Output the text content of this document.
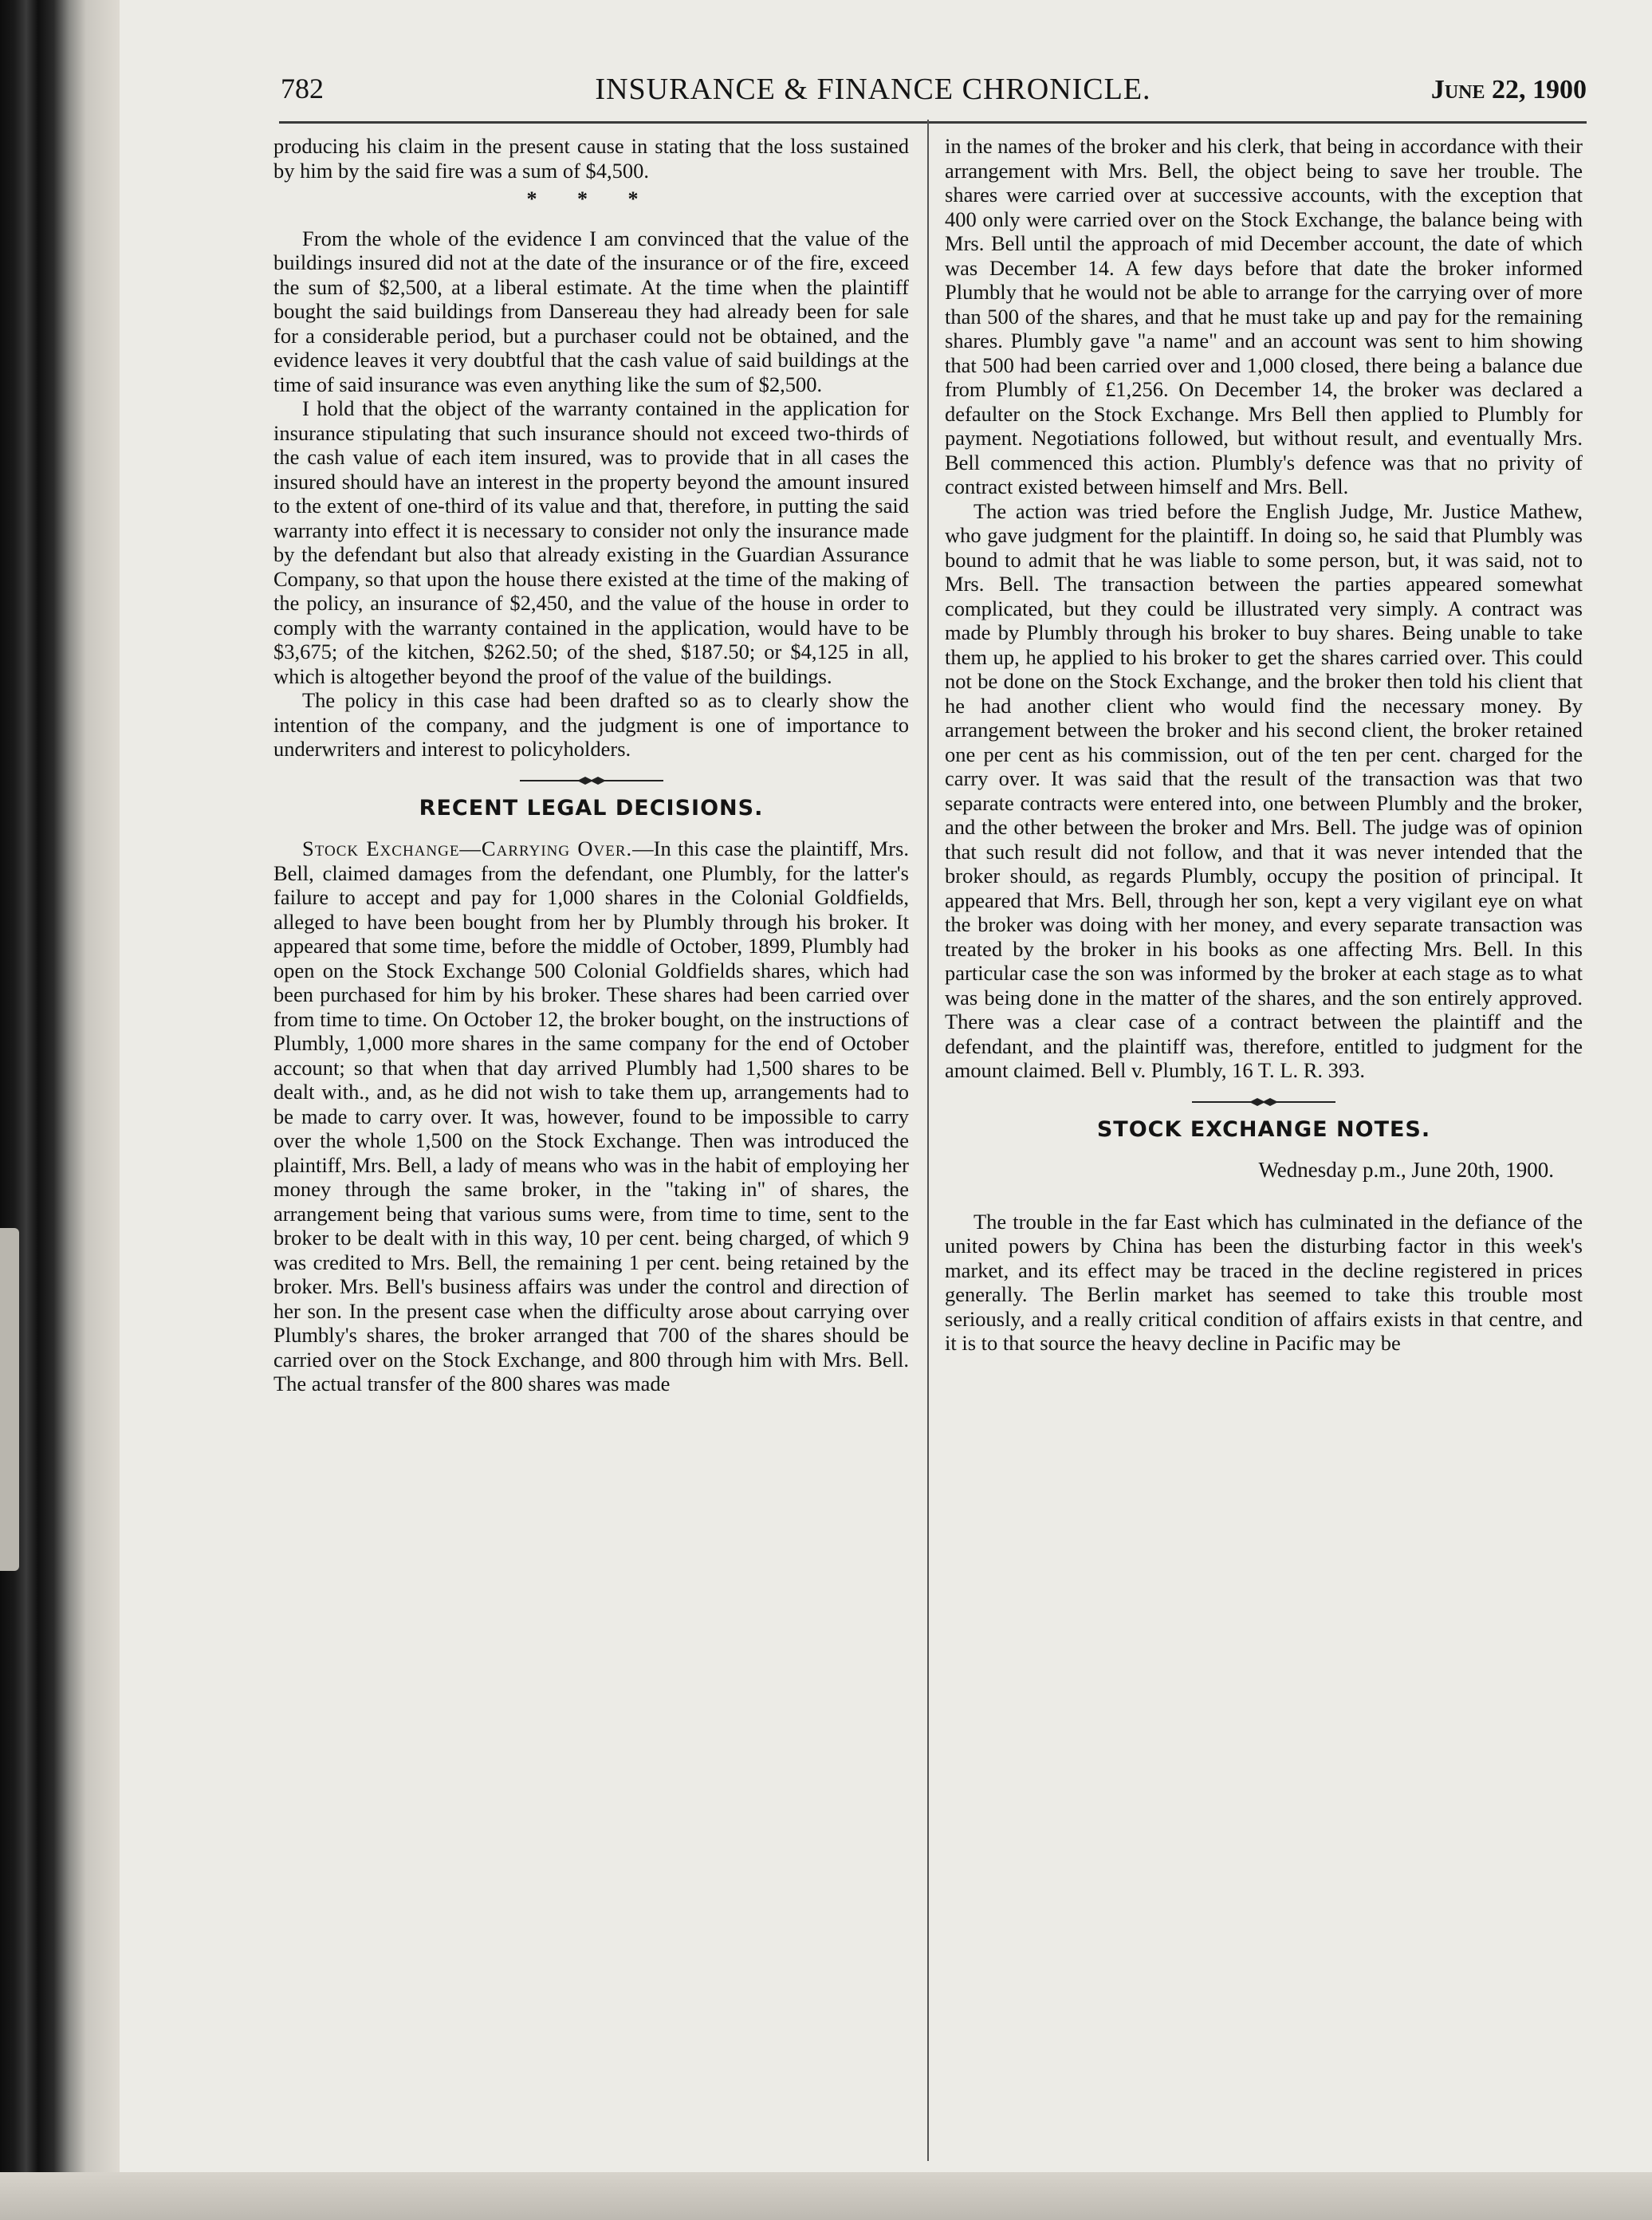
782	INSURANCE & FINANCE CHRONICLE.	June 22, 1900

producing his claim in the present cause in stating that the loss sustained by him by the said fire was a sum of $4,500.

* * *

From the whole of the evidence I am convinced that the value of the buildings insured did not at the date of the insurance or of the fire, exceed the sum of $2,500, at a liberal estimate. At the time when the plaintiff bought the said buildings from Dansereau they had already been for sale for a considerable period, but a purchaser could not be obtained, and the evidence leaves it very doubtful that the cash value of said buildings at the time of said insurance was even anything like the sum of $2,500.

I hold that the object of the warranty contained in the application for insurance stipulating that such insurance should not exceed two-thirds of the cash value of each item insured, was to provide that in all cases the insured should have an interest in the property beyond the amount insured to the extent of one-third of its value and that, therefore, in putting the said warranty into effect it is necessary to consider not only the insurance made by the defendant but also that already existing in the Guardian Assurance Company, so that upon the house there existed at the time of the making of the policy, an insurance of $2,450, and the value of the house in order to comply with the warranty contained in the application, would have to be $3,675; of the kitchen, $262.50; of the shed, $187.50; or $4,125 in all, which is altogether beyond the proof of the value of the buildings.

The policy in this case had been drafted so as to clearly show the intention of the company, and the judgment is one of importance to underwriters and interest to policyholders.

RECENT LEGAL DECISIONS.

Stock Exchange—Carrying Over.—In this case the plaintiff, Mrs. Bell, claimed damages from the defendant, one Plumbly, for the latter's failure to accept and pay for 1,000 shares in the Colonial Goldfields, alleged to have been bought from her by Plumbly through his broker. It appeared that some time, before the middle of October, 1899, Plumbly had open on the Stock Exchange 500 Colonial Goldfields shares, which had been purchased for him by his broker. These shares had been carried over from time to time. On October 12, the broker bought, on the instructions of Plumbly, 1,000 more shares in the same company for the end of October account; so that when that day arrived Plumbly had 1,500 shares to be dealt with., and, as he did not wish to take them up, arrangements had to be made to carry over. It was, however, found to be impossible to carry over the whole 1,500 on the Stock Exchange. Then was introduced the plaintiff, Mrs. Bell, a lady of means who was in the habit of employing her money through the same broker, in the "taking in" of shares, the arrangement being that various sums were, from time to time, sent to the broker to be dealt with in this way, 10 per cent. being charged, of which 9 was credited to Mrs. Bell, the remaining 1 per cent. being retained by the broker. Mrs. Bell's business affairs was under the control and direction of her son. In the present case when the difficulty arose about carrying over Plumbly's shares, the broker arranged that 700 of the shares should be carried over on the Stock Exchange, and 800 through him with Mrs. Bell. The actual transfer of the 800 shares was made

in the names of the broker and his clerk, that being in accordance with their arrangement with Mrs. Bell, the object being to save her trouble. The shares were carried over at successive accounts, with the exception that 400 only were carried over on the Stock Exchange, the balance being with Mrs. Bell until the approach of mid December account, the date of which was December 14. A few days before that date the broker informed Plumbly that he would not be able to arrange for the carrying over of more than 500 of the shares, and that he must take up and pay for the remaining shares. Plumbly gave "a name" and an account was sent to him showing that 500 had been carried over and 1,000 closed, there being a balance due from Plumbly of £1,256. On December 14, the broker was declared a defaulter on the Stock Exchange. Mrs Bell then applied to Plumbly for payment. Negotiations followed, but without result, and eventually Mrs. Bell commenced this action. Plumbly's defence was that no privity of contract existed between himself and Mrs. Bell.

The action was tried before the English Judge, Mr. Justice Mathew, who gave judgment for the plaintiff. In doing so, he said that Plumbly was bound to admit that he was liable to some person, but, it was said, not to Mrs. Bell. The transaction between the parties appeared somewhat complicated, but they could be illustrated very simply. A contract was made by Plumbly through his broker to buy shares. Being unable to take them up, he applied to his broker to get the shares carried over. This could not be done on the Stock Exchange, and the broker then told his client that he had another client who would find the necessary money. By arrangement between the broker and his second client, the broker retained one per cent as his commission, out of the ten per cent. charged for the carry over. It was said that the result of the transaction was that two separate contracts were entered into, one between Plumbly and the broker, and the other between the broker and Mrs. Bell. The judge was of opinion that such result did not follow, and that it was never intended that the broker should, as regards Plumbly, occupy the position of principal. It appeared that Mrs. Bell, through her son, kept a very vigilant eye on what the broker was doing with her money, and every separate transaction was treated by the broker in his books as one affecting Mrs. Bell. In this particular case the son was informed by the broker at each stage as to what was being done in the matter of the shares, and the son entirely approved. There was a clear case of a contract between the plaintiff and the defendant, and the plaintiff was, therefore, entitled to judgment for the amount claimed. Bell v. Plumbly, 16 T. L. R. 393.

STOCK EXCHANGE NOTES.
Wednesday p.m., June 20th, 1900.

The trouble in the far East which has culminated in the defiance of the united powers by China has been the disturbing factor in this week's market, and its effect may be traced in the decline registered in prices generally. The Berlin market has seemed to take this trouble most seriously, and a really critical condition of affairs exists in that centre, and it is to that source the heavy decline in Pacific may be
